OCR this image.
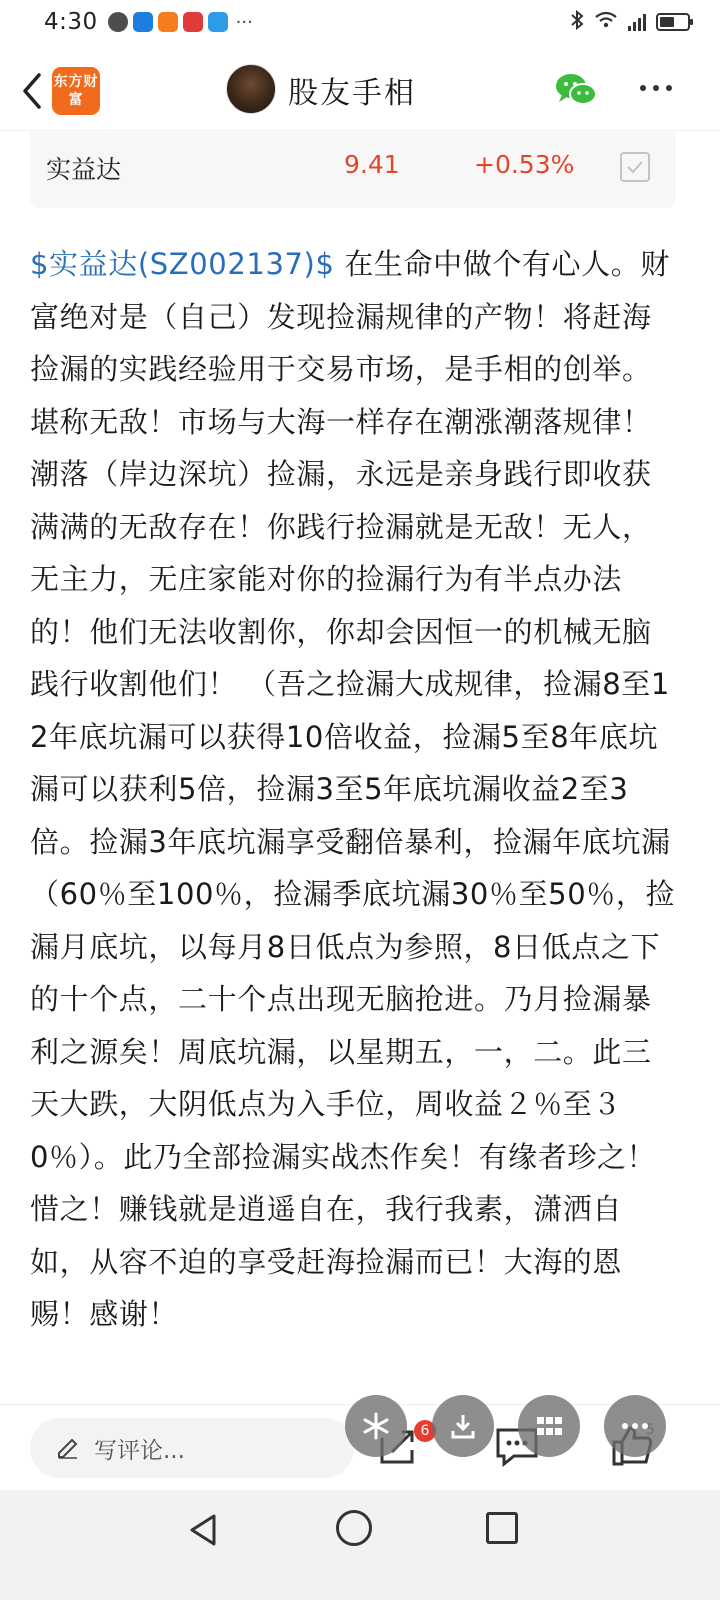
4:30	···
东方财富	股友手相
实益达	9.41	+0.53%
$实益达(SZ002137)$ 在生命中做个有心人。财富绝对是（自己）发现捡漏规律的产物！将赶海捡漏的实践经验用于交易市场，是手相的创举。堪称无敌！市场与大海一样存在潮涨潮落规律！潮落（岸边深坑）捡漏，永远是亲身践行即收获满满的无敌存在！你践行捡漏就是无敌！无人，无主力，无庄家能对你的捡漏行为有半点办法的！他们无法收割你，你却会因恒一的机械无脑践行收割他们！ （吾之捡漏大成规律，捡漏8至12年底坑漏可以获得10倍收益，捡漏5至8年底坑漏可以获利5倍，捡漏3至5年底坑漏收益2至3倍。捡漏3年底坑漏享受翻倍暴利，捡漏年底坑漏（60％至100％，捡漏季底坑漏30％至50％，捡漏月底坑，以每月8日低点为参照，8日低点之下的十个点，二十个点出现无脑抢进。乃月捡漏暴利之源矣！周底坑漏，以星期五，一，二。此三天大跌，大阴低点为入手位，周收益２％至３0％）。此乃全部捡漏实战杰作矣！有缘者珍之！惜之！赚钱就是逍遥自在，我行我素，潇洒自如，从容不迫的享受赶海捡漏而已！大海的恩赐！感谢！
写评论...
6
